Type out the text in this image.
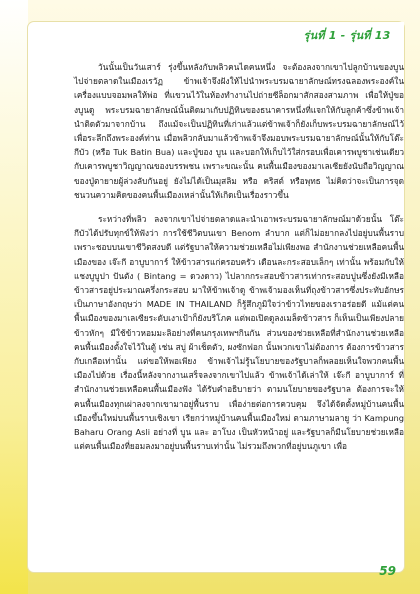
รุ่นที่ 1 - รุ่นที่ 13

วันนั้นเป็นวันเสาร์ รุ่งขึ้นหลังกับพลิวคนไดคนหนึ่ง จะต้องลงจากเขาไปลูกบ้านของบูนไปจ่ายตลาดในเมืองเรวัฏ ข้าพเจ้าจึงฝังให้ไปนำพระบรมฉายาลักษณ์ทรงฉลองพระองค์ในเครื่องแบบจอมพลให้พ่อ ที่แขวนไว้ในห้องทำงานไปถ่ายซีล็อกมาสักสองสามภาพ เพื่อให้ปู่ของบูนดู พระบรมฉายาลักษณ์นั้นติดมาเกับปฏิทินของธนาคารหนึ่งที่แจกให้กับลูกค้าซึ่งข้าพเจ้านำติดตัวมาจากบ้าน ถึงแม้จะเป็นปฏิทินที่เก่าแล้วแต่ข้าพเจ้าก็ยังเก็บพระบรมฉายาลักษณ์ไว้เพื่อระลึกถึงพระองค์ท่าน เมื่อพลิวกลับมาแล้วข้าพเจ้าจึงมอบพระบรมฉายาลักษณ์นั้นให้กับโต๊ะกีบัว (หรือ Tuk Batin Bua) และปู่ของ บูน และบอกให้เก็บไว้ใส่กรอบเพื่อเคารพบูชาเช่นเดียวกับเคารพบูชาวิญญาณของบรรพชน เพราะขณะนั้น คนพื้นเมืองของมาเลเซียยังนับถือวิญญาณของปู่ตายายผู้ล่วงลับกันอยู่ ยังไม่ได้เป็นมุสลิม หรือ คริสต์ หรือพุทธ ไม่คิดว่าจะเป็นการจุดชนวนความคิดของคนพื้นเมืองเหล่านั้นให้เกิดเป็นเรื่องราวขึ้น

ระหว่างที่พลิว ลงจากเขาไปจ่ายตลาดและนำเอาพระบรมฉายาลักษณ์มาด้วยนั้น โต๊ะกีบัวได้ปรับทุกข์ให้ฟังว่า การใช้ชีวิตบนเขา Benom ลำบาก แต่ก็ไม่อยากลงไปอยู่บนพื้นราบเพราะชอบบนเขาชีวิตสงบดี แต่รัฐบาลให้ความช่วยเหลือไม่เพียงพอ สำนักงานช่วยเหลือคนพื้นเมืองของ เจ๊ะกี อาบูบาการ์ ให้ข้าวสารแก่ครอบครัว เดือนละกระสอบเล็กๆ เท่านั้น พร้อมกับให้แชงบูบูปา ปันตัง ( Bintang = ดวงดาว) ไปลากกระสอบข้าวสารเท่ากระสอบปูนซึ่งยังมีเหลือข้าวสารอยู่ประมาณครึ่งกระสอบ มาให้ข้าพเจ้าดู ข้าพเจ้ามองเห็นที่ถุงข้าวสารซึ่งประทับอักษรเป็นภาษาอังกฤษว่า MADE IN THAILAND ก็รู้สึกภูมิใจว่าข้าวไทยของเราอร่อยดี แม้แต่คนพื้นเมืองของมาเลเซียระดับเงาเป้าก็ยังบริโภค แต่พอเปิดดูลงเมล็ดข้าวสาร ก็เห็นเป็นเพียงปลายข้าวหักๆ มีใช้ข้าวหอมมะลิอย่างที่คนกรุงเทพฯกินกัน ส่วนของช่วยเหลือที่สำนักงานช่วยเหลือคนพื้นเมืองตั้งใจไว้ในตู้ เช่น สบู่ ผ้าเช็ดตัว, ผงซักฟอก นั้นพวกเขาไม่ต้องการ ต้องการข้าวสารกับเกลือเท่านั้น แต่ขอให้พอเพียง ข้าพเจ้าไม่รู้นโยบายของรัฐบาลก็พลอยเห็นใจพวกคนพื้นเมืองไปด้วย เรื่องนี้หลังจากงานเสร็จลงจากเขาไปแล้ว ข้าพเจ้าได้เล่าให้ เจ๊ะกี อาบูบาการ์ ที่สำนักงานช่วยเหลือคนพื้นเมืองฟัง ได้รับคำอธิบายว่า ตามนโยบายของรัฐบาล ต้องการจะให้คนพื้นเมืองทุกเผ่าลงจากเขามาอยู่พื้นราบ เพื่อง่ายต่อการควบคุม จึงได้จัดตั้งหมู่บ้านคนพื้นเมืองขึ้นใหม่บนพื้นราบเชิงเขา เรียกว่าหมู่บ้านคนพื้นเมืองใหม่ ตามภาษามลายู ว่า Kampung Baharu Orang Asli อย่างที่ บูน และ อาโบง เป็นหัวหน้าอยู่ และรัฐบาลก็มีนโยบายช่วยเหลือแต่คนพื้นเมืองที่ยอมลงมาอยู่บนพื้นราบเท่านั้น ไม่รวมถึงพวกที่อยู่บนภูเขา เพื่อ

59
